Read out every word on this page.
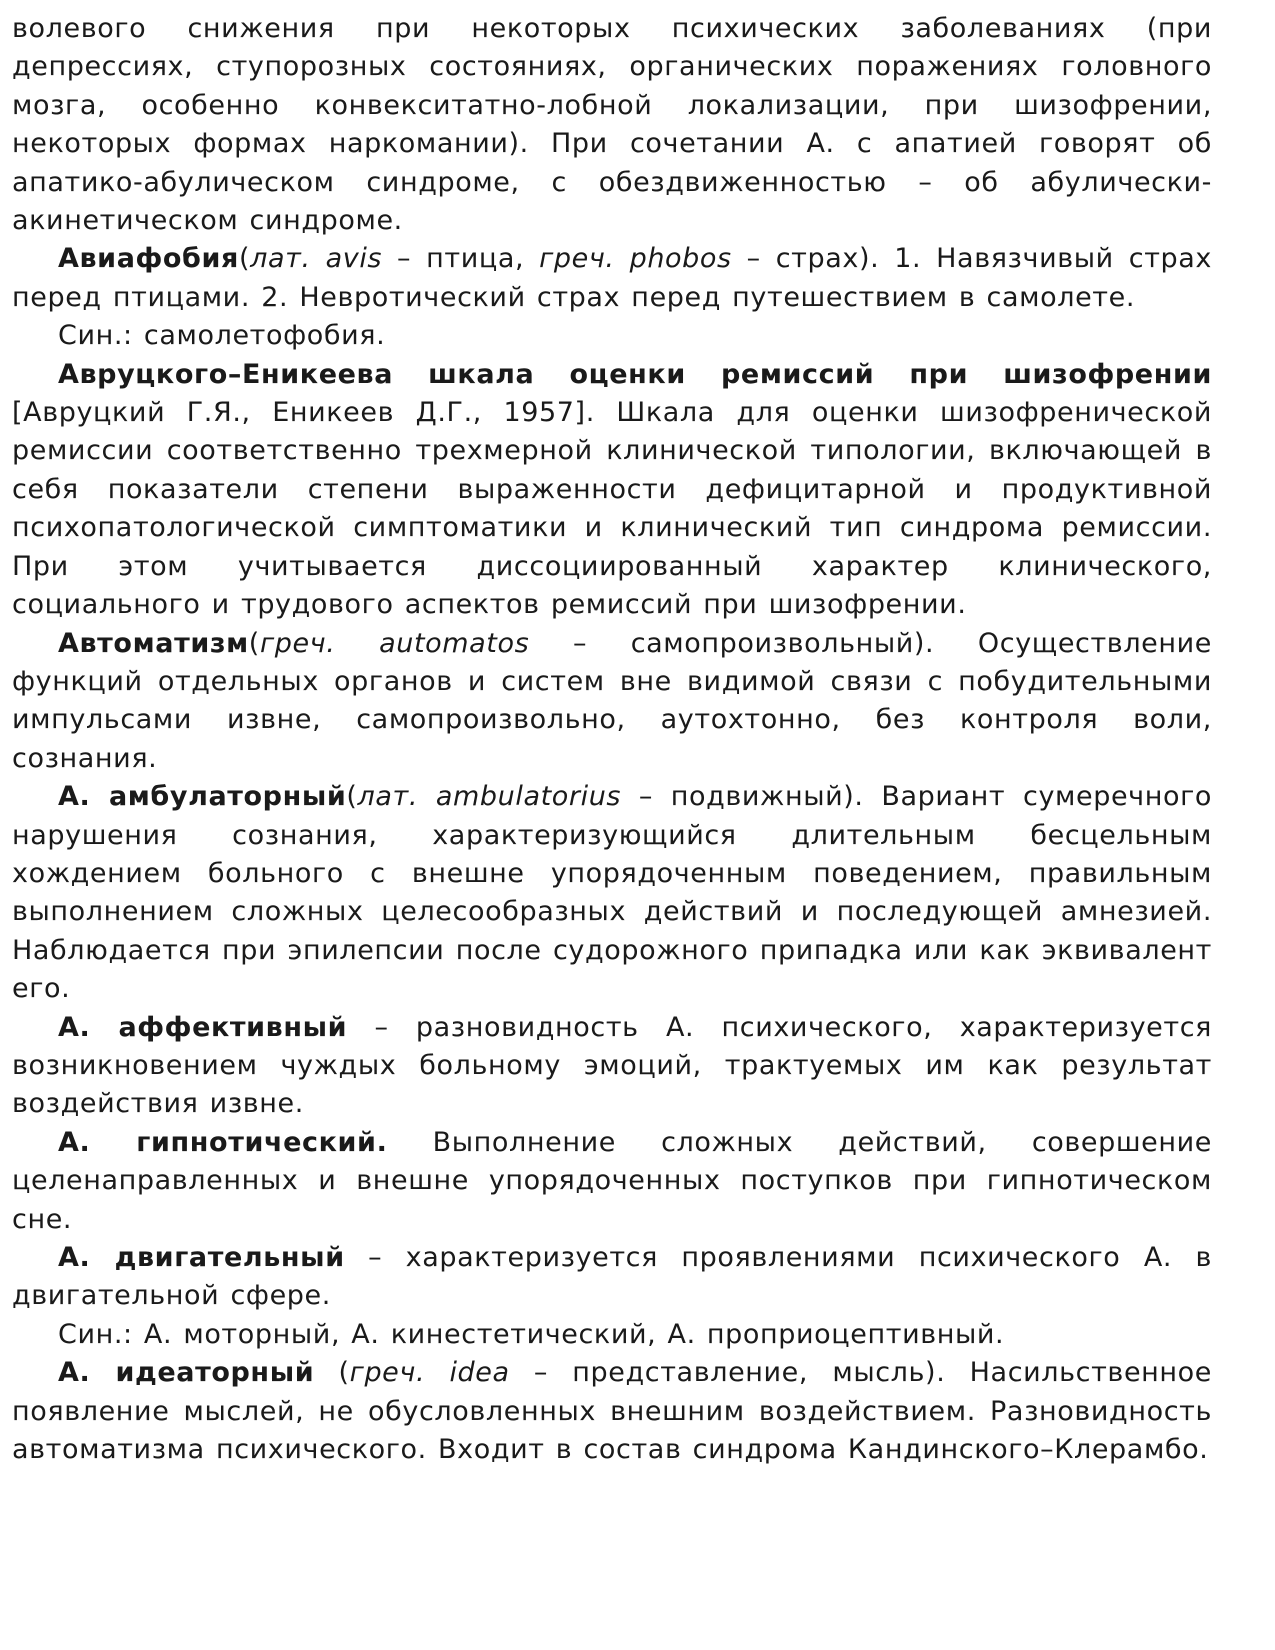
волевого снижения при некоторых психических заболеваниях (при депрессиях, ступорозных состояниях, органических поражениях головного мозга, особенно конвекситатно-лобной локализации, при шизофрении, некоторых формах наркомании). При сочетании А. с апатией говорят об апатико-абулическом синдроме, с обездвиженностью – об абулически-акинетическом синдроме.

Авиафобия(лат. avis – птица, греч. phobos – страх). 1. Навязчивый страх перед птицами. 2. Невротический страх перед путешествием в самолете.

Син.: самолетофобия.

Авруцкого–Еникеева шкала оценки ремиссий при шизофрении [Авруцкий Г.Я., Еникеев Д.Г., 1957]. Шкала для оценки шизофренической ремиссии соответственно трехмерной клинической типологии, включающей в себя показатели степени выраженности дефицитарной и продуктивной психопатологической симптоматики и клинический тип синдрома ремиссии. При этом учитывается диссоциированный характер клинического, социального и трудового аспектов ремиссий при шизофрении.

Автоматизм(греч. automatos – самопроизвольный). Осуществление функций отдельных органов и систем вне видимой связи с побудительными импульсами извне, самопроизвольно, аутохтонно, без контроля воли, сознания.

А. амбулаторный(лат. ambulatorius – подвижный). Вариант сумеречного нарушения сознания, характеризующийся длительным бесцельным хождением больного с внешне упорядоченным поведением, правильным выполнением сложных целесообразных действий и последующей амнезией. Наблюдается при эпилепсии после судорожного припадка или как эквивалент его.

А. аффективный – разновидность А. психического, характеризуется возникновением чуждых больному эмоций, трактуемых им как результат воздействия извне.

А. гипнотический. Выполнение сложных действий, совершение целенаправленных и внешне упорядоченных поступков при гипнотическом сне.

А. двигательный – характеризуется проявлениями психического А. в двигательной сфере.

Син.: А. моторный, А. кинестетический, А. проприоцептивный.

А. идеаторный (греч. idea – представление, мысль). Насильственное появление мыслей, не обусловленных внешним воздействием. Разновидность автоматизма психического. Входит в состав синдрома Кандинского–Клерамбо.
